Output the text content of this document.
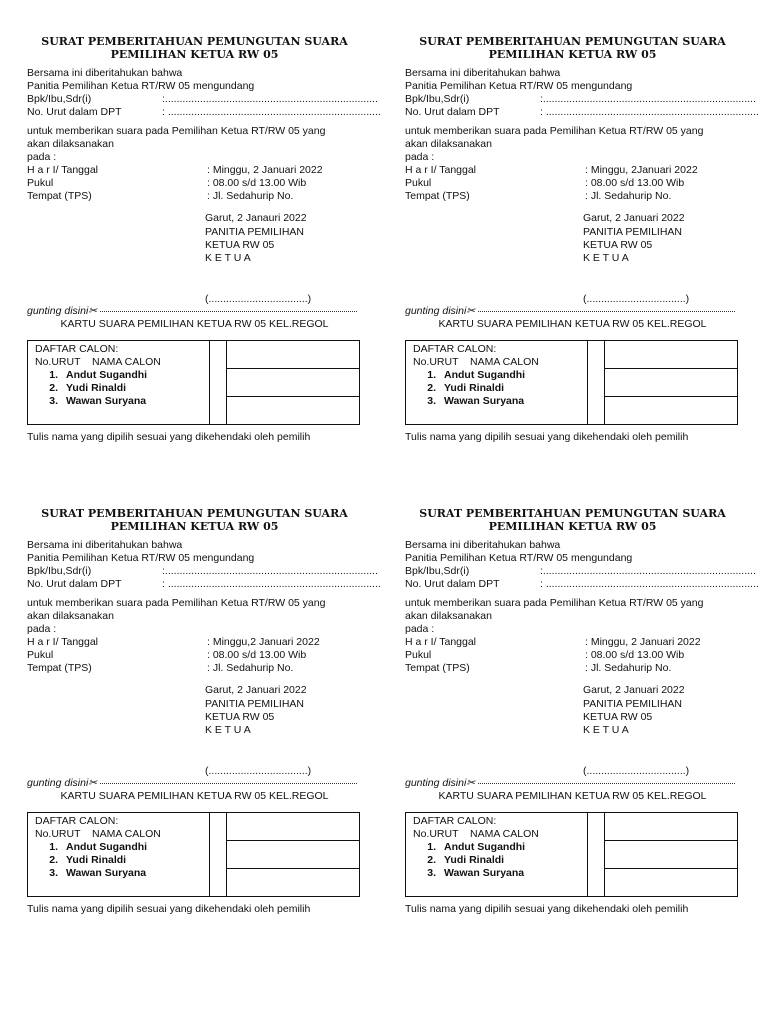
SURAT PEMBERITAHUAN PEMUNGUTAN SUARA
PEMILIHAN KETUA RW 05
Bersama ini diberitahukan bahwa
Panitia Pemilihan Ketua RT/RW 05 mengundang
Bpk/Ibu,Sdr(i)	:.........................................................................
No. Urut dalam DPT	: .........................................................................
untuk memberikan suara pada Pemilihan Ketua RT/RW 05 yang
akan dilaksanakan
pada :
H a r I/ Tanggal	: Minggu, 2 Januari 2022
Pukul	: 08.00 s/d 13.00 Wib
Tempat (TPS)	: Jl. Sedahurip No.
Garut, 2 Janauri 2022
PANITIA PEMILIHAN
KETUA RW 05
K E T U A
(..................................)
gunting disini✂
KARTU SUARA PEMILIHAN KETUA RW 05 KEL.REGOL
DAFTAR CALON:
No.URUT    NAMA CALON
1. Andut Sugandhi
2. Yudi Rinaldi
3. Wawan Suryana
Tulis nama yang dipilih sesuai yang dikehendaki oleh pemilih
SURAT PEMBERITAHUAN PEMUNGUTAN SUARA
PEMILIHAN KETUA RW 05
Bersama ini diberitahukan bahwa
Panitia Pemilihan Ketua RT/RW 05 mengundang
Bpk/Ibu,Sdr(i)	:.........................................................................
No. Urut dalam DPT	: .........................................................................
untuk memberikan suara pada Pemilihan Ketua RT/RW 05 yang
akan dilaksanakan
pada :
H a r I/ Tanggal	: Minggu, 2Januari 2022
Pukul	: 08.00 s/d 13.00 Wib
Tempat (TPS)	: Jl. Sedahurip No.
Garut, 2 Januari 2022
PANITIA PEMILIHAN
KETUA RW 05
K E T U A
(..................................)
gunting disini✂
KARTU SUARA PEMILIHAN KETUA RW 05 KEL.REGOL
DAFTAR CALON:
No.URUT    NAMA CALON
1. Andut Sugandhi
2. Yudi Rinaldi
3. Wawan Suryana
Tulis nama yang dipilih sesuai yang dikehendaki oleh pemilih
SURAT PEMBERITAHUAN PEMUNGUTAN SUARA
PEMILIHAN KETUA RW 05
Bersama ini diberitahukan bahwa
Panitia Pemilihan Ketua RT/RW 05 mengundang
Bpk/Ibu,Sdr(i)	:.........................................................................
No. Urut dalam DPT	: .........................................................................
untuk memberikan suara pada Pemilihan Ketua RT/RW 05 yang
akan dilaksanakan
pada :
H a r I/ Tanggal	: Minggu,2 Januari 2022
Pukul	: 08.00 s/d 13.00 Wib
Tempat (TPS)	: Jl. Sedahurip No.
Garut, 2 Januari 2022
PANITIA PEMILIHAN
KETUA RW 05
K E T U A
(..................................)
gunting disini✂
KARTU SUARA PEMILIHAN KETUA RW 05 KEL.REGOL
DAFTAR CALON:
No.URUT    NAMA CALON
1. Andut Sugandhi
2. Yudi Rinaldi
3. Wawan Suryana
Tulis nama yang dipilih sesuai yang dikehendaki oleh pemilih
SURAT PEMBERITAHUAN PEMUNGUTAN SUARA
PEMILIHAN KETUA RW 05
Bersama ini diberitahukan bahwa
Panitia Pemilihan Ketua RT/RW 05 mengundang
Bpk/Ibu,Sdr(i)	:.........................................................................
No. Urut dalam DPT	: .........................................................................
untuk memberikan suara pada Pemilihan Ketua RT/RW 05 yang
akan dilaksanakan
pada :
H a r I/ Tanggal	: Minggu, 2 Januari 2022
Pukul	: 08.00 s/d 13.00 Wib
Tempat (TPS)	: Jl. Sedahurip No.
Garut, 2 Januari 2022
PANITIA PEMILIHAN
KETUA RW 05
K E T U A
(..................................)
gunting disini✂
KARTU SUARA PEMILIHAN KETUA RW 05 KEL.REGOL
DAFTAR CALON:
No.URUT    NAMA CALON
1. Andut Sugandhi
2. Yudi Rinaldi
3. Wawan Suryana
Tulis nama yang dipilih sesuai yang dikehendaki oleh pemilih
